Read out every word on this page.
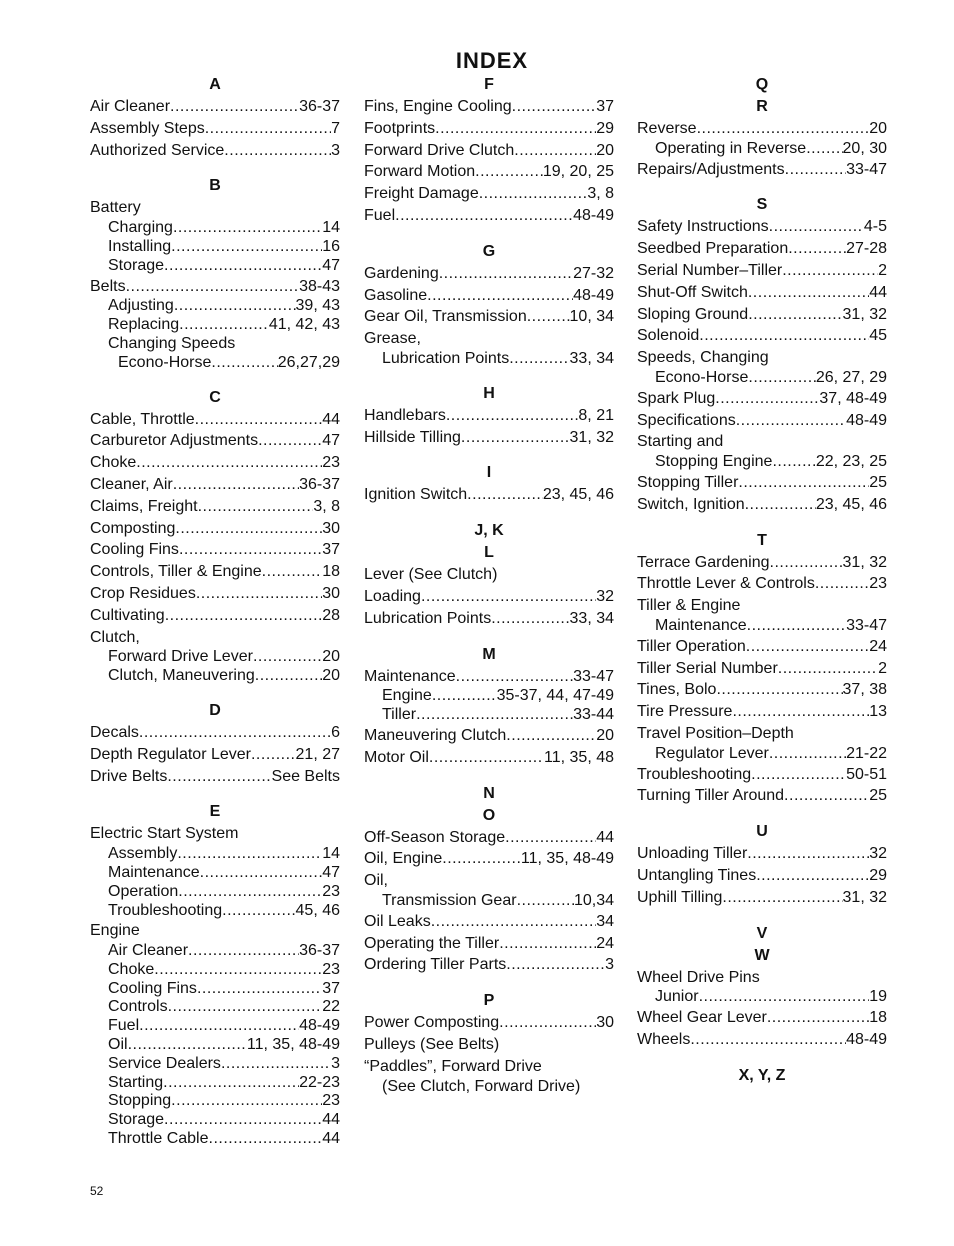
INDEX
A
Air Cleaner .....	36-37
Assembly Steps .....	7
Authorized Service .....	3
B
Battery
Charging .....	14
Installing .....	16
Storage .....	47
Belts .....	38-43
Adjusting .....	39, 43
Replacing .....	41, 42, 43
Changing Speeds
Econo-Horse .....	26,27,29
C
Cable, Throttle .....	44
Carburetor Adjustments .....	47
Choke .....	23
Cleaner, Air .....	36-37
Claims, Freight .....	3, 8
Composting .....	30
Cooling Fins .....	37
Controls, Tiller & Engine .....	18
Crop Residues .....	30
Cultivating .....	28
Clutch,
Forward Drive Lever .....	20
Clutch, Maneuvering .....	20
D
Decals .....	6
Depth Regulator Lever .....	21, 27
Drive Belts .....	See Belts
E
Electric Start System
Assembly .....	14
Maintenance .....	47
Operation .....	23
Troubleshooting .....	45, 46
Engine
Air Cleaner .....	36-37
Choke .....	23
Cooling Fins .....	37
Controls .....	22
Fuel .....	48-49
Oil .....	11, 35, 48-49
Service Dealers .....	3
Starting .....	22-23
Stopping .....	23
Storage .....	44
Throttle Cable .....	44
F
Fins, Engine Cooling .....	37
Footprints .....	29
Forward Drive Clutch .....	20
Forward Motion .....	19, 20, 25
Freight Damage .....	3, 8
Fuel .....	48-49
G
Gardening .....	27-32
Gasoline .....	48-49
Gear Oil, Transmission .....	10, 34
Grease,
Lubrication Points .....	33, 34
H
Handlebars .....	8, 21
Hillside Tilling .....	31, 32
I
Ignition Switch .....	23, 45, 46
J, K
L
Lever (See Clutch)
Loading .....	32
Lubrication Points .....	33, 34
M
Maintenance .....	33-47
Engine .....	35-37, 44, 47-49
Tiller .....	33-44
Maneuvering Clutch .....	20
Motor Oil .....	11, 35, 48
N
O
Off-Season Storage .....	44
Oil, Engine .....	11, 35, 48-49
Oil,
Transmission Gear .....	10,34
Oil Leaks .....	34
Operating the Tiller .....	24
Ordering Tiller Parts .....	3
P
Power Composting .....	30
Pulleys (See Belts)
“Paddles”, Forward Drive
(See Clutch, Forward Drive)
Q
R
Reverse .....	20
Operating in Reverse ..... 20, 30
Repairs/Adjustments .....	33-47
S
Safety Instructions .....	4-5
Seedbed Preparation .....	27-28
Serial Number–Tiller .....	2
Shut-Off Switch .....	44
Sloping Ground .....	31, 32
Solenoid .....	45
Speeds, Changing
Econo-Horse .....	26, 27, 29
Spark Plug .....	37, 48-49
Specifications .....	48-49
Starting and
Stopping Engine .....	22, 23, 25
Stopping Tiller .....	25
Switch, Ignition .....	23, 45, 46
T
Terrace Gardening .....	31, 32
Throttle Lever & Controls .....	23
Tiller & Engine
Maintenance .....	33-47
Tiller Operation .....	24
Tiller Serial Number .....	2
Tines, Bolo .....	37, 38
Tire Pressure .....	13
Travel Position–Depth
Regulator Lever .....	21-22
Troubleshooting .....	50-51
Turning Tiller Around .....	25
U
Unloading Tiller .....	32
Untangling Tines .....	29
Uphill Tilling .....	31, 32
V
W
Wheel Drive Pins
Junior .....	19
Wheel Gear Lever .....	18
Wheels .....	48-49
X, Y, Z
52
